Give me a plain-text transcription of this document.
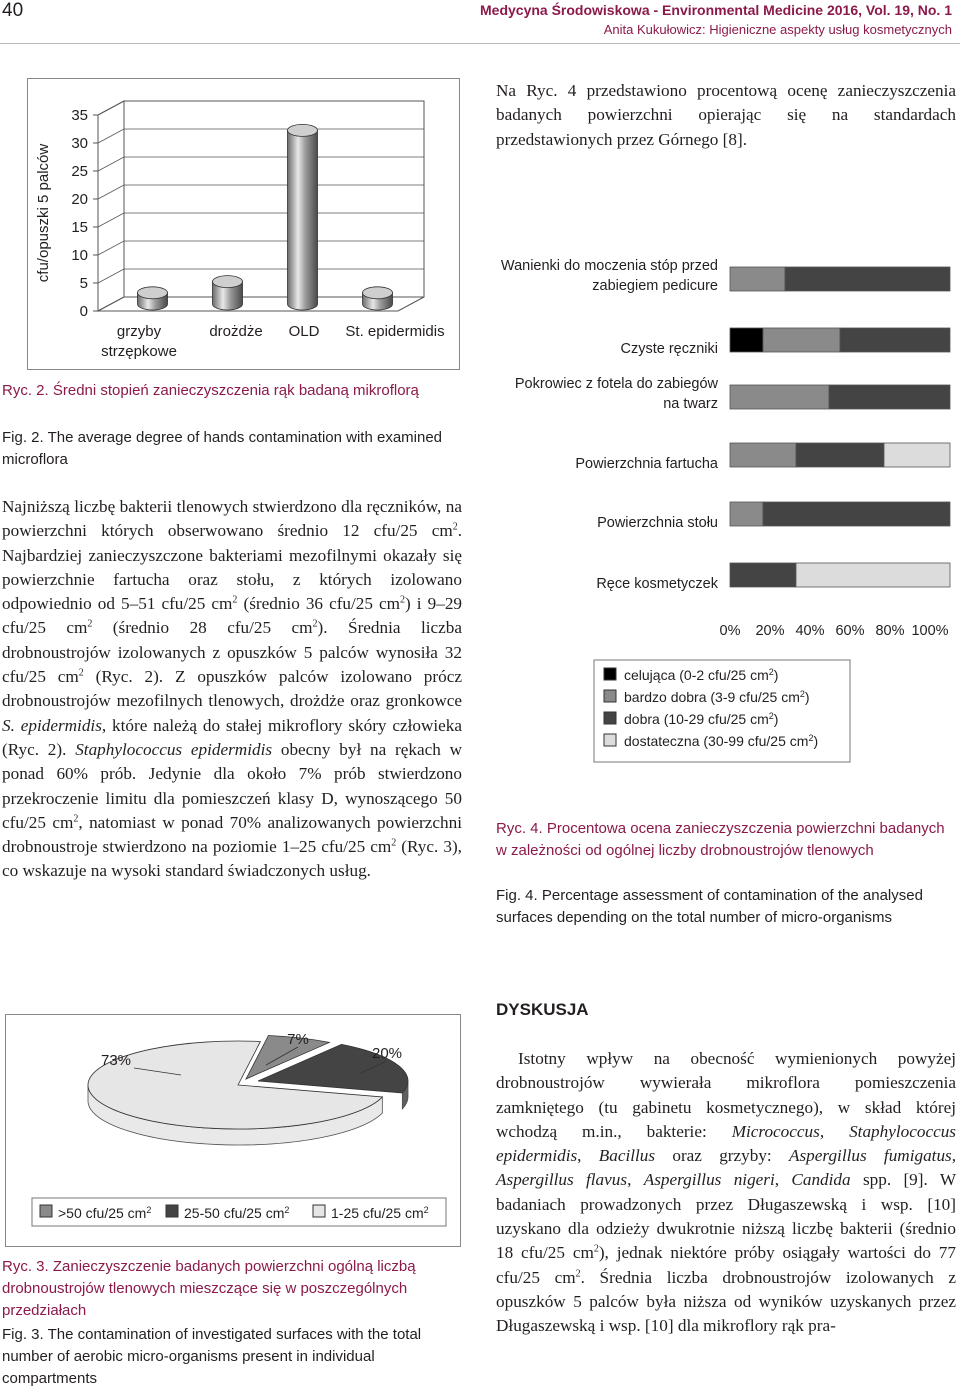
40	Medycyna Środowiskowa - Environmental Medicine 2016, Vol. 19, No. 1
Anita Kukułowicz: Higieniczne aspekty usług kosmetycznych
0
5
10
15
20
25
30
35
cfu/opuszki 5 palców
grzyby
strzępkowe
drożdże OLD St. epidermidis
Ryc. 2. Średni stopień zanieczyszczenia rąk badaną mikroflorą
Fig. 2. The average degree of hands contamination with examined microflora
Najniższą liczbę bakterii tlenowych stwierdzono dla ręczników, na powierzchni których obserwowano średnio 12 cfu/25 $cm^2$. Najbardziej zanieczyszczone bakteriami mezofilnymi okazały się powierzchnie fartucha oraz stołu, z których izolowano odpowiednio od 5–51 cfu/25 $cm^2$ (średnio 36 cfu/25 $cm^2$) i 9–29 cfu/25 $cm^2$ (średnio 28 cfu/25 $cm^2$). Średnia liczba drobnoustrojów izolowanych z opuszków 5 palców wynosiła 32 cfu/25 $cm^2$ (Ryc. 2). Z opuszków palców izolowano prócz drobnoustrojów mezofilnych tlenowych, drożdże oraz gronkowce S. epidermidis, które należą do stałej mikroflory skóry człowieka (Ryc. 2). Staphylococcus epidermidis obecny był na rękach w ponad 60% prób. Jedynie dla około 7% prób stwierdzono przekroczenie limitu dla pomieszczeń klasy D, wynoszącego 50 cfu/25 $cm^2$, natomiast w ponad 70% analizowanych powierzchni drobnoustroje stwierdzono na poziomie 1–25 cfu/25 $cm^2$ (Ryc. 3), co wskazuje na wysoki standard świadczonych usług.
7%
20%
73%
>50 cfu/25 $cm^2$ 25-50 cfu/25 $cm^2$	1-25 cfu/25 $cm^2$
Ryc. 3. Zanieczyszczenie badanych powierzchni ogólną liczbą drobnoustrojów tlenowych mieszczące się w poszczególnych przedziałach
Fig. 3. The contamination of investigated surfaces with the total number of aerobic micro-organisms present in individual compartments
Na Ryc. 4 przedstawiono procentową ocenę zanieczyszczenia badanych powierzchni opierając się na standardach przedstawionych przez Górnego [8].
Wanienki do moczenia stóp przed
zabiegiem pedicure
Czyste ręczniki
Pokrowiec z fotela do zabiegów
na twarz
Powierzchnia fartucha
Powierzchnia stołu
Ręce kosmetyczek
0% 20% 40% 60% 80% 100%
celująca (0-2 cfu/25 $cm^2$)
bardzo dobra (3-9 cfu/25 $cm^2$)
dobra (10-29 cfu/25 $cm^2$)
dostateczna (30-99 cfu/25 $cm^2$)
Ryc. 4. Procentowa ocena zanieczyszczenia powierzchni badanych w zależności od ogólnej liczby drobnoustrojów tlenowych
Fig. 4. Percentage assessment of contamination of the analysed surfaces depending on the total number of micro-organisms
DYSKUSJA
Istotny wpływ na obecność wymienionych powyżej drobnoustrojów wywierała mikroflora pomieszczenia zamkniętego (tu gabinetu kosmetycznego), w skład której wchodzą m.in., bakterie: Micrococcus, Staphylococcus epidermidis, Bacillus oraz grzyby: Aspergillus fumigatus, Aspergillus flavus, Aspergillus nigeri, Candida spp. [9]. W badaniach prowadzonych przez Długaszewską i wsp. [10] uzyskano dla odzieży dwukrotnie niższą liczbę bakterii (średnio 18 cfu/25 $cm^2$), jednak niektóre próby osiągały wartości do 77 cfu/25 $cm^2$. Średnia liczba drobnoustrojów izolowanych z opuszków 5 palców była niższa od wyników uzyskanych przez Długaszewską i wsp. [10] dla mikroflory rąk pra-
